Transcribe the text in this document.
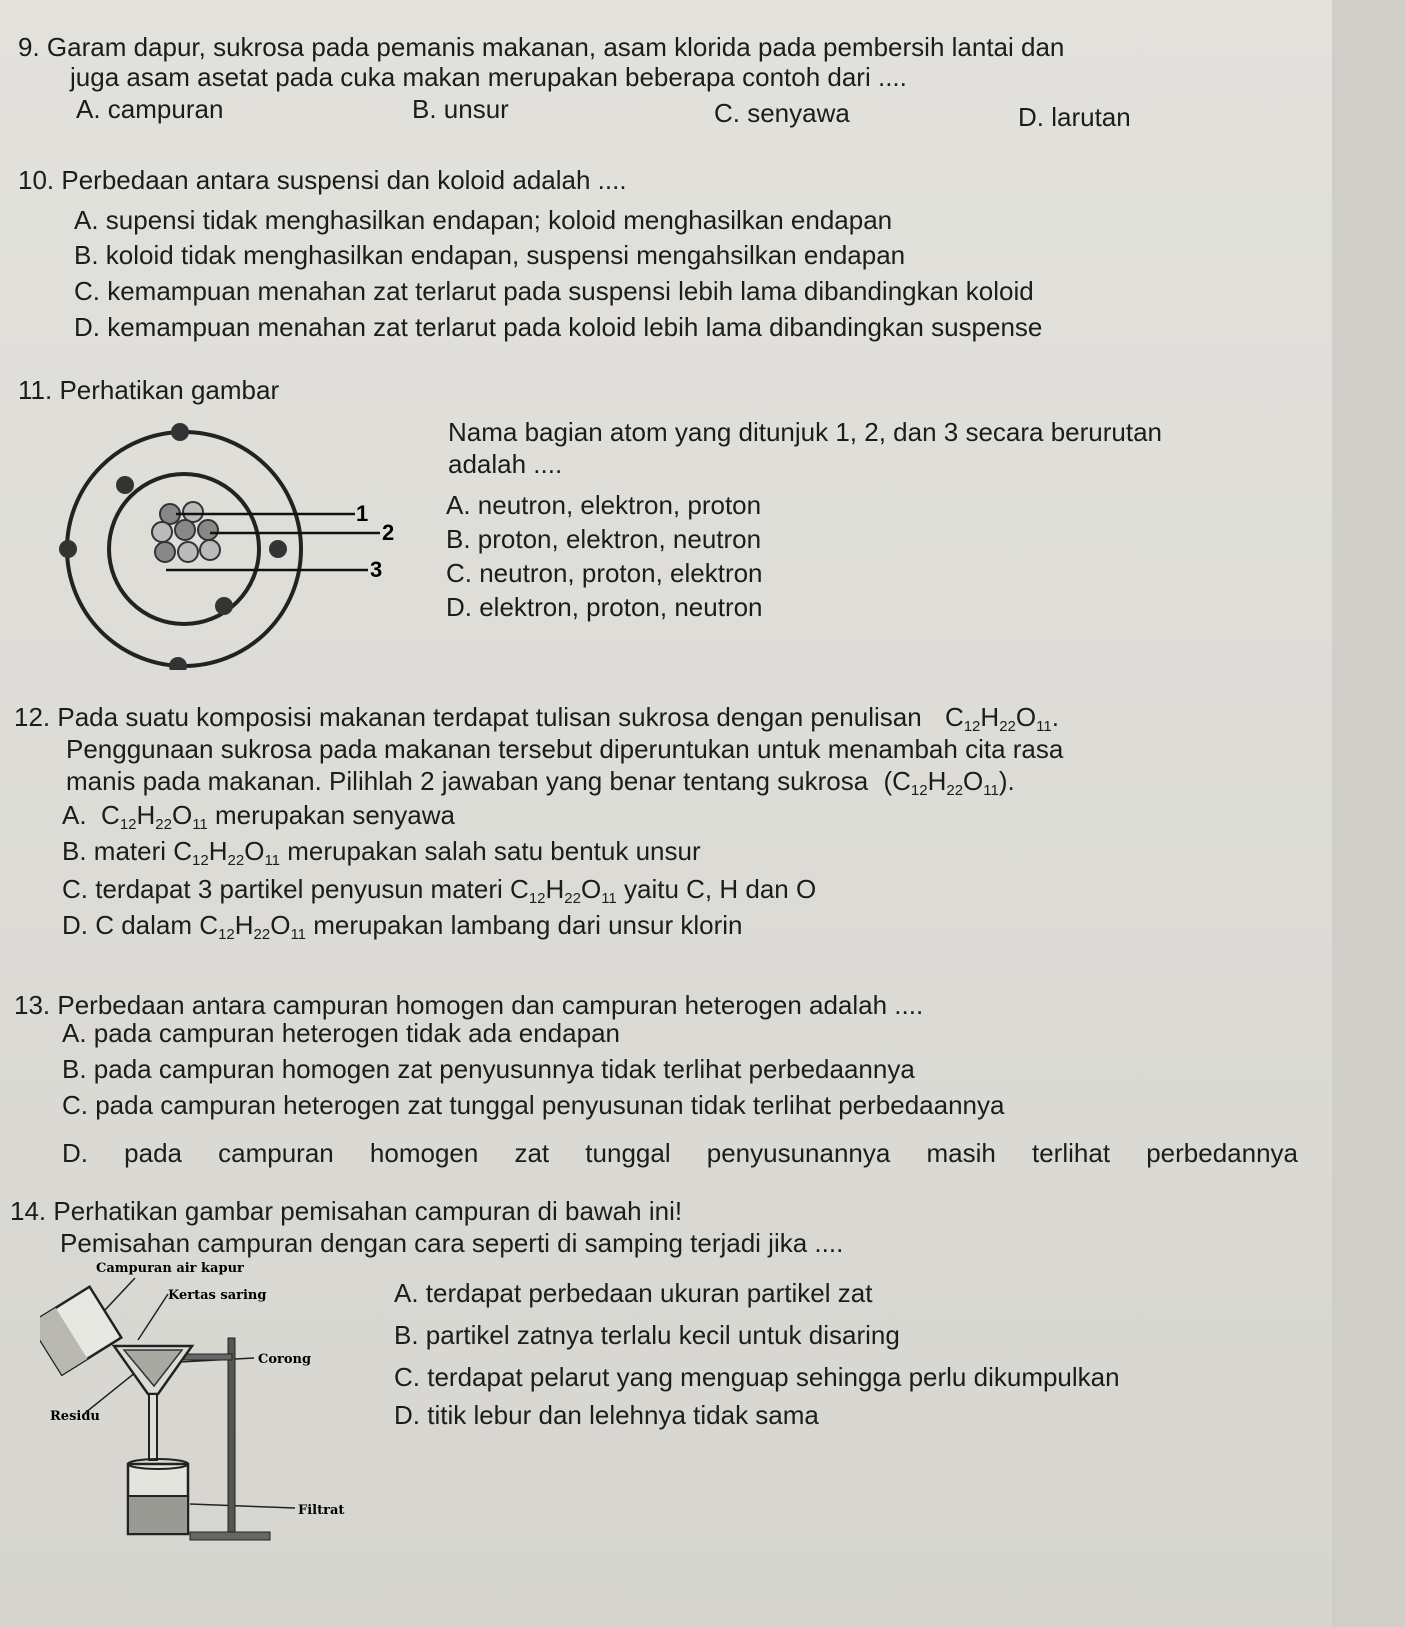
9. Garam dapur, sukrosa pada pemanis makanan, asam klorida pada pembersih lantai dan
juga asam asetat pada cuka makan merupakan beberapa contoh dari ....
A. campuran	B. unsur	C. senyawa	D. larutan
10. Perbedaan antara suspensi dan koloid adalah ....
A. supensi tidak menghasilkan endapan; koloid menghasilkan endapan
B. koloid tidak menghasilkan endapan, suspensi mengahsilkan endapan
C. kemampuan menahan zat terlarut pada suspensi lebih lama dibandingkan koloid
D. kemampuan menahan zat terlarut pada koloid lebih lama dibandingkan suspense
11. Perhatikan gambar
1
2
3
Nama bagian atom yang ditunjuk 1, 2, dan 3 secara berurutan
adalah ....
A. neutron, elektron, proton
B. proton, elektron, neutron
C. neutron, proton, elektron
D. elektron, proton, neutron
12. Pada suatu komposisi makanan terdapat tulisan sukrosa dengan penulisan $C_{12}H_{22}O_{11}$.
Penggunaan sukrosa pada makanan tersebut diperuntukan untuk menambah cita rasa
manis pada makanan. Pilihlah 2 jawaban yang benar tentang sukrosa $(C_{12}H_{22}O_{11})$.
A. $C_{12}H_{22}O_{11}$ merupakan senyawa
B. materi $C_{12}H_{22}O_{11}$ merupakan salah satu bentuk unsur
C. terdapat 3 partikel penyusun materi $C_{12}H_{22}O_{11}$ yaitu C, H dan O
D. C dalam $C_{12}H_{22}O_{11}$ merupakan lambang dari unsur klorin
13. Perbedaan antara campuran homogen dan campuran heterogen adalah ....
A. pada campuran heterogen tidak ada endapan
B. pada campuran homogen zat penyusunnya tidak terlihat perbedaannya
C. pada campuran heterogen zat tunggal penyusunan tidak terlihat perbedaannya
D. pada campuran homogen zat tunggal penyusunannya masih terlihat perbedannya
14. Perhatikan gambar pemisahan campuran di bawah ini!
Pemisahan campuran dengan cara seperti di samping terjadi jika ....
Campuran air kapur
Kertas saring
Corong
Residu
Filtrat
A. terdapat perbedaan ukuran partikel zat
B. partikel zatnya terlalu kecil untuk disaring
C. terdapat pelarut yang menguap sehingga perlu dikumpulkan
D. titik lebur dan lelehnya tidak sama
